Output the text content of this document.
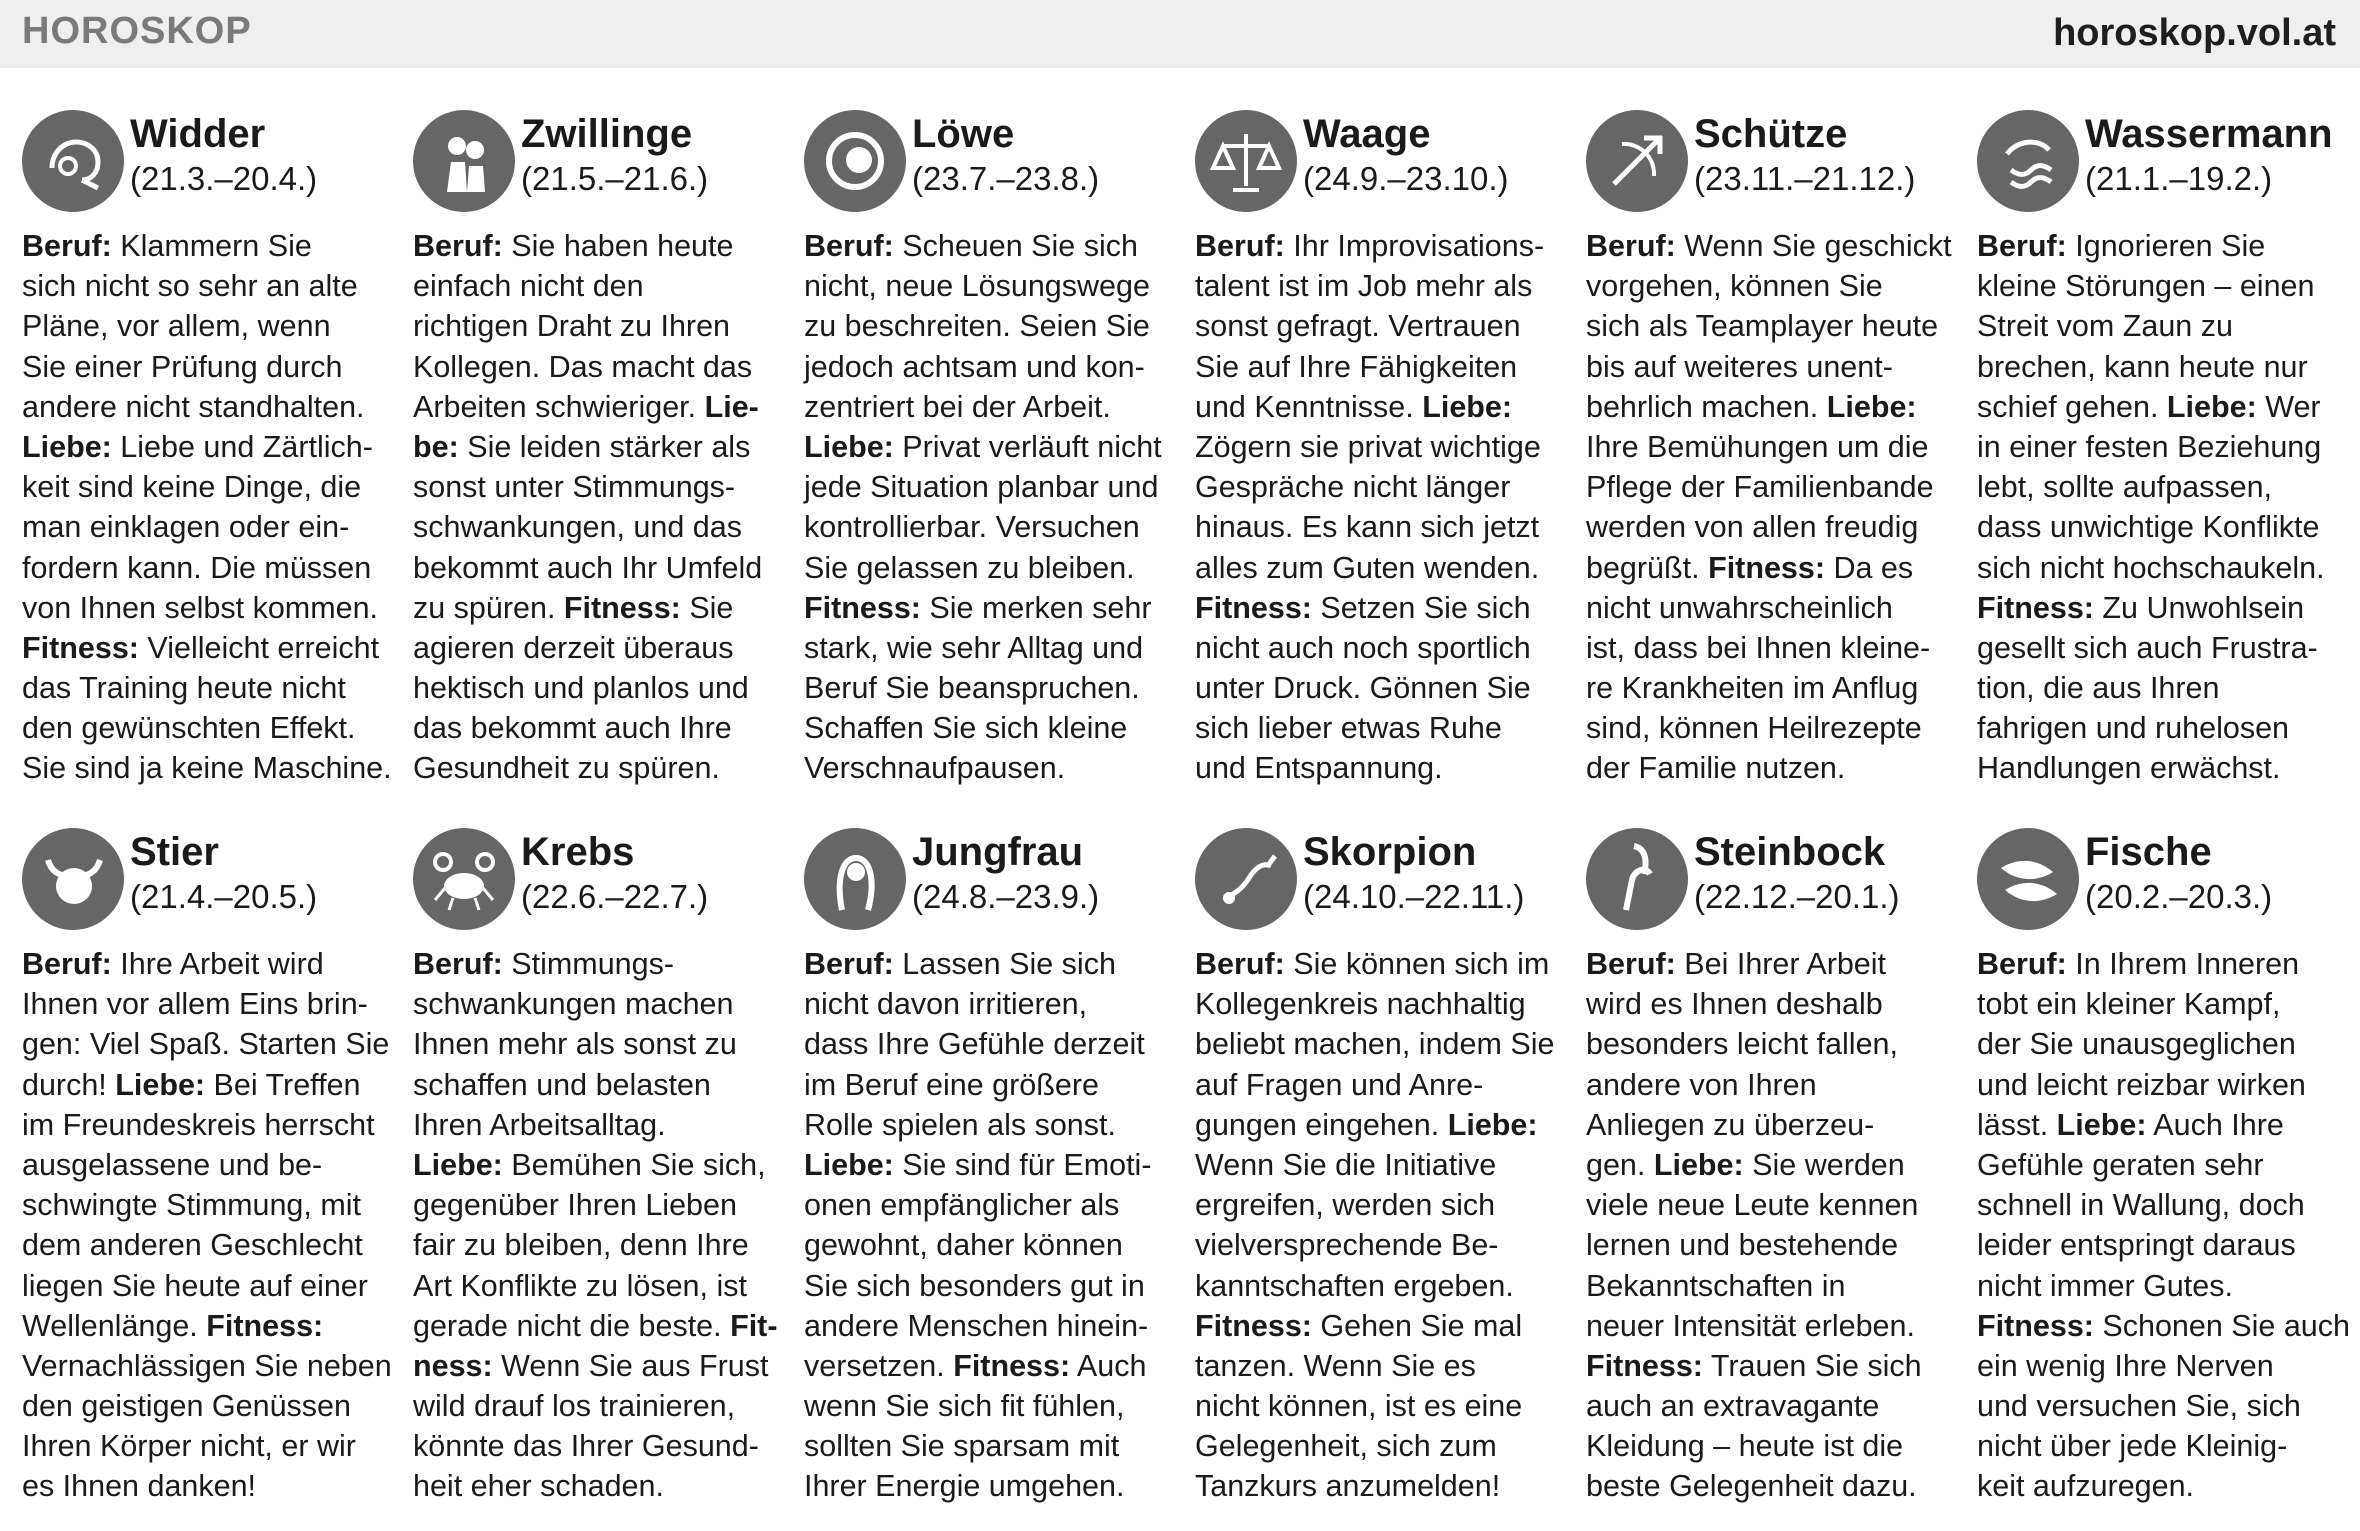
HOROSKOP	horoskop.vol.at
Widder
(21.3.–20.4.)
Beruf: Klammern Sie
sich nicht so sehr an alte
Pläne, vor allem, wenn
Sie einer Prüfung durch
andere nicht standhalten.
Liebe: Liebe und Zärtlich-
keit sind keine Dinge, die
man einklagen oder ein-
fordern kann. Die müssen
von Ihnen selbst kommen.
Fitness: Vielleicht erreicht
das Training heute nicht
den gewünschten Effekt.
Sie sind ja keine Maschine.
Zwillinge
(21.5.–21.6.)
Beruf: Sie haben heute
einfach nicht den
richtigen Draht zu Ihren
Kollegen. Das macht das
Arbeiten schwieriger. Lie-
be: Sie leiden stärker als
sonst unter Stimmungs-
schwankungen, und das
bekommt auch Ihr Umfeld
zu spüren. Fitness: Sie
agieren derzeit überaus
hektisch und planlos und
das bekommt auch Ihre
Gesundheit zu spüren.
Löwe
(23.7.–23.8.)
Beruf: Scheuen Sie sich
nicht, neue Lösungswege
zu beschreiten. Seien Sie
jedoch achtsam und kon-
zentriert bei der Arbeit.
Liebe: Privat verläuft nicht
jede Situation planbar und
kontrollierbar. Versuchen
Sie gelassen zu bleiben.
Fitness: Sie merken sehr
stark, wie sehr Alltag und
Beruf Sie beanspruchen.
Schaffen Sie sich kleine
Verschnaufpausen.
Waage
(24.9.–23.10.)
Beruf: Ihr Improvisations-
talent ist im Job mehr als
sonst gefragt. Vertrauen
Sie auf Ihre Fähigkeiten
und Kenntnisse. Liebe:
Zögern sie privat wichtige
Gespräche nicht länger
hinaus. Es kann sich jetzt
alles zum Guten wenden.
Fitness: Setzen Sie sich
nicht auch noch sportlich
unter Druck. Gönnen Sie
sich lieber etwas Ruhe
und Entspannung.
Schütze
(23.11.–21.12.)
Beruf: Wenn Sie geschickt
vorgehen, können Sie
sich als Teamplayer heute
bis auf weiteres unent-
behrlich machen. Liebe:
Ihre Bemühungen um die
Pflege der Familienbande
werden von allen freudig
begrüßt. Fitness: Da es
nicht unwahrscheinlich
ist, dass bei Ihnen kleine-
re Krankheiten im Anflug
sind, können Heilrezepte
der Familie nutzen.
Wassermann
(21.1.–19.2.)
Beruf: Ignorieren Sie
kleine Störungen – einen
Streit vom Zaun zu
brechen, kann heute nur
schief gehen. Liebe: Wer
in einer festen Beziehung
lebt, sollte aufpassen,
dass unwichtige Konflikte
sich nicht hochschaukeln.
Fitness: Zu Unwohlsein
gesellt sich auch Frustra-
tion, die aus Ihren
fahrigen und ruhelosen
Handlungen erwächst.
Stier
(21.4.–20.5.)
Beruf: Ihre Arbeit wird
Ihnen vor allem Eins brin-
gen: Viel Spaß. Starten Sie
durch! Liebe: Bei Treffen
im Freundeskreis herrscht
ausgelassene und be-
schwingte Stimmung, mit
dem anderen Geschlecht
liegen Sie heute auf einer
Wellenlänge. Fitness:
Vernachlässigen Sie neben
den geistigen Genüssen
Ihren Körper nicht, er wir
es Ihnen danken!
Krebs
(22.6.–22.7.)
Beruf: Stimmungs-
schwankungen machen
Ihnen mehr als sonst zu
schaffen und belasten
Ihren Arbeitsalltag.
Liebe: Bemühen Sie sich,
gegenüber Ihren Lieben
fair zu bleiben, denn Ihre
Art Konflikte zu lösen, ist
gerade nicht die beste. Fit-
ness: Wenn Sie aus Frust
wild drauf los trainieren,
könnte das Ihrer Gesund-
heit eher schaden.
Jungfrau
(24.8.–23.9.)
Beruf: Lassen Sie sich
nicht davon irritieren,
dass Ihre Gefühle derzeit
im Beruf eine größere
Rolle spielen als sonst.
Liebe: Sie sind für Emoti-
onen empfänglicher als
gewohnt, daher können
Sie sich besonders gut in
andere Menschen hinein-
versetzen. Fitness: Auch
wenn Sie sich fit fühlen,
sollten Sie sparsam mit
Ihrer Energie umgehen.
Skorpion
(24.10.–22.11.)
Beruf: Sie können sich im
Kollegenkreis nachhaltig
beliebt machen, indem Sie
auf Fragen und Anre-
gungen eingehen. Liebe:
Wenn Sie die Initiative
ergreifen, werden sich
vielversprechende Be-
kanntschaften ergeben.
Fitness: Gehen Sie mal
tanzen. Wenn Sie es
nicht können, ist es eine
Gelegenheit, sich zum
Tanzkurs anzumelden!
Steinbock
(22.12.–20.1.)
Beruf: Bei Ihrer Arbeit
wird es Ihnen deshalb
besonders leicht fallen,
andere von Ihren
Anliegen zu überzeu-
gen. Liebe: Sie werden
viele neue Leute kennen
lernen und bestehende
Bekanntschaften in
neuer Intensität erleben.
Fitness: Trauen Sie sich
auch an extravagante
Kleidung – heute ist die
beste Gelegenheit dazu.
Fische
(20.2.–20.3.)
Beruf: In Ihrem Inneren
tobt ein kleiner Kampf,
der Sie unausgeglichen
und leicht reizbar wirken
lässt. Liebe: Auch Ihre
Gefühle geraten sehr
schnell in Wallung, doch
leider entspringt daraus
nicht immer Gutes.
Fitness: Schonen Sie auch
ein wenig Ihre Nerven
und versuchen Sie, sich
nicht über jede Kleinig-
keit aufzuregen.
